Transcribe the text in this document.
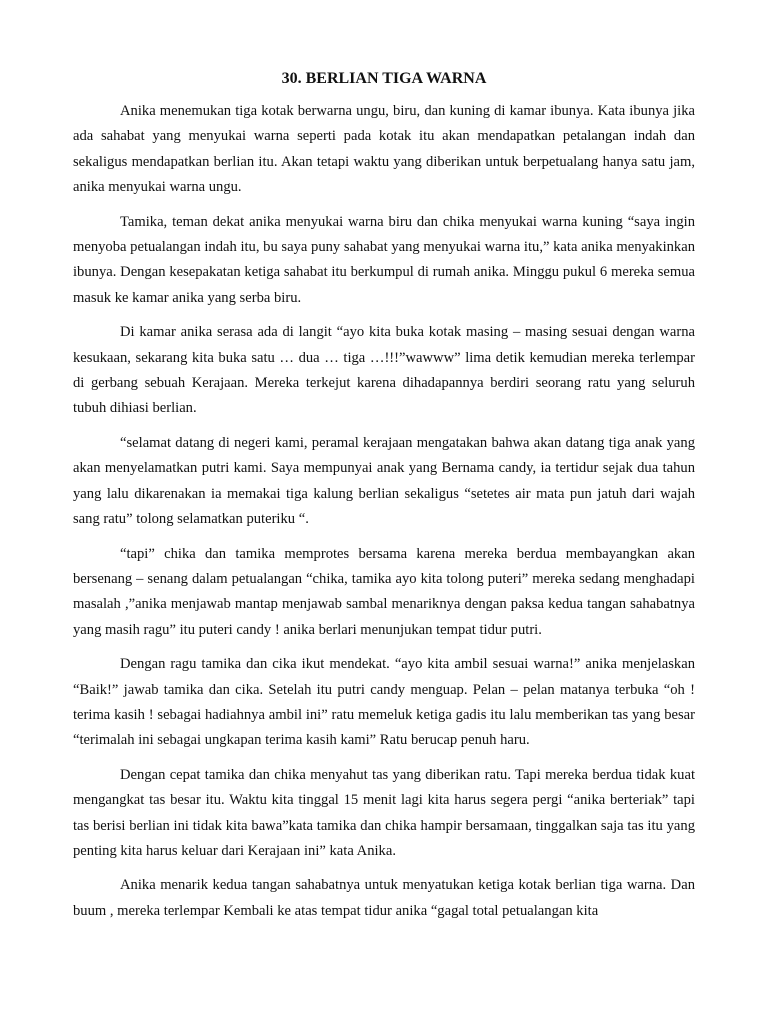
30. BERLIAN TIGA WARNA

Anika menemukan tiga kotak berwarna ungu, biru, dan kuning di kamar ibunya. Kata ibunya jika ada sahabat yang menyukai warna seperti pada kotak itu akan mendapatkan petalangan indah dan sekaligus mendapatkan berlian itu. Akan tetapi waktu yang diberikan untuk berpetualang hanya satu jam, anika menyukai warna ungu.

Tamika, teman dekat anika menyukai warna biru dan chika menyukai warna kuning “saya ingin menyoba petualangan indah itu, bu saya puny sahabat yang menyukai warna itu,” kata anika menyakinkan ibunya. Dengan kesepakatan ketiga sahabat itu berkumpul di rumah anika. Minggu pukul 6 mereka semua masuk ke kamar anika yang serba biru.

Di kamar anika serasa ada di langit “ayo kita buka kotak masing – masing sesuai dengan warna kesukaan, sekarang kita buka satu … dua … tiga …!!!”wawww” lima detik kemudian mereka terlempar di gerbang sebuah Kerajaan. Mereka terkejut karena dihadapannya berdiri seorang ratu yang seluruh tubuh dihiasi berlian.

“selamat datang di negeri kami, peramal kerajaan mengatakan bahwa akan datang tiga anak yang akan menyelamatkan putri kami. Saya mempunyai anak yang Bernama candy, ia tertidur sejak dua tahun yang lalu dikarenakan ia memakai tiga kalung berlian sekaligus “setetes air mata pun jatuh dari wajah sang ratu” tolong selamatkan puteriku “.

“tapi” chika dan tamika memprotes bersama karena mereka berdua membayangkan akan bersenang – senang dalam petualangan “chika, tamika ayo kita tolong puteri” mereka sedang menghadapi masalah ,”anika menjawab mantap menjawab sambal menariknya dengan paksa kedua tangan sahabatnya yang masih ragu” itu puteri candy ! anika berlari menunjukan tempat tidur putri.

Dengan ragu tamika dan cika ikut mendekat. “ayo kita ambil sesuai warna!” anika menjelaskan “Baik!” jawab tamika dan cika. Setelah itu putri candy menguap. Pelan – pelan matanya terbuka “oh ! terima kasih ! sebagai hadiahnya ambil ini” ratu memeluk ketiga gadis itu lalu memberikan tas yang besar “terimalah ini sebagai ungkapan terima kasih kami” Ratu berucap penuh haru.

Dengan cepat tamika dan chika menyahut tas yang diberikan ratu. Tapi mereka berdua tidak kuat mengangkat tas besar itu. Waktu kita tinggal 15 menit lagi kita harus segera pergi “anika berteriak” tapi tas berisi berlian ini tidak kita bawa”kata tamika dan chika hampir bersamaan, tinggalkan saja tas itu yang penting kita harus keluar dari Kerajaan ini” kata Anika.

Anika menarik kedua tangan sahabatnya untuk menyatukan ketiga kotak berlian tiga warna. Dan buum , mereka terlempar Kembali ke atas tempat tidur anika “gagal total petualangan kita
